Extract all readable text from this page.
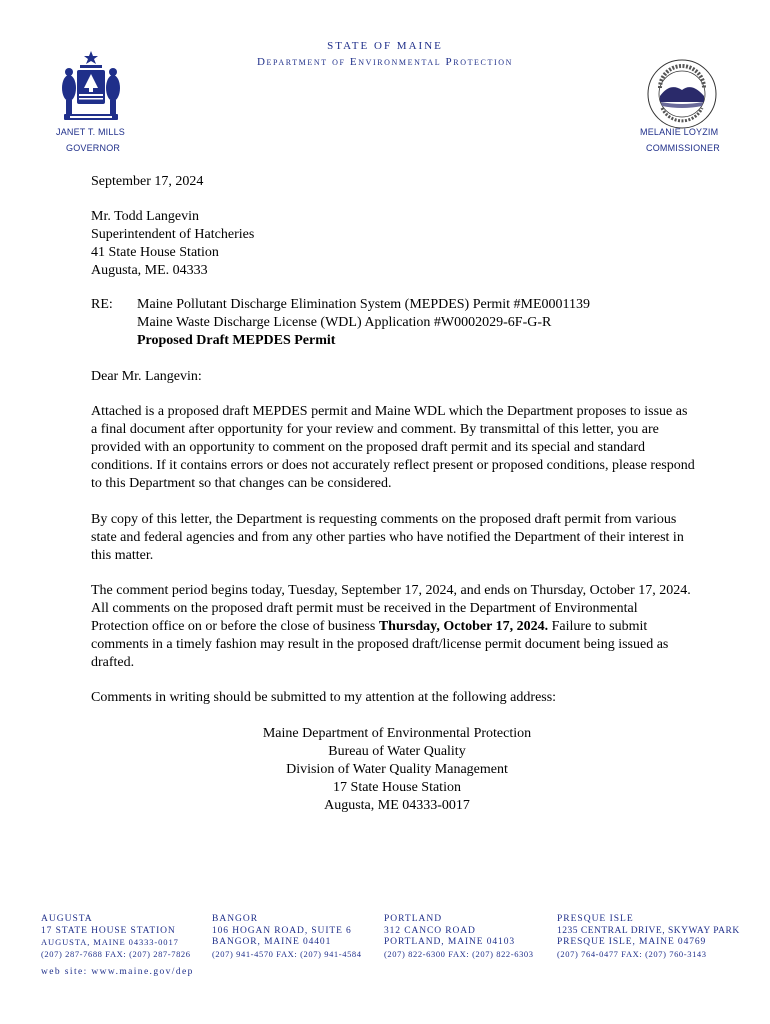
STATE OF MAINE
Department of Environmental Protection
JANET T. MILLS
GOVERNOR
MELANIE LOYZIM
COMMISSIONER
September 17, 2024

Mr. Todd Langevin

Superintendent of Hatcheries

41 State House Station

Augusta, ME. 04333

RE: Maine Pollutant Discharge Elimination System (MEPDES) Permit #ME0001139

Maine Waste Discharge License (WDL) Application #W0002029-6F-G-R

Proposed Draft MEPDES Permit

Dear Mr. Langevin:
Attached is a proposed draft MEPDES permit and Maine WDL which the Department proposes to issue as a final document after opportunity for your review and comment. By transmittal of this letter, you are provided with an opportunity to comment on the proposed draft permit and its special and standard conditions. If it contains errors or does not accurately reflect present or proposed conditions, please respond to this Department so that changes can be considered.
By copy of this letter, the Department is requesting comments on the proposed draft permit from various state and federal agencies and from any other parties who have notified the Department of their interest in this matter.
The comment period begins today, Tuesday, September 17, 2024, and ends on Thursday, October 17, 2024. All comments on the proposed draft permit must be received in the Department of Environmental Protection office on or before the close of business Thursday, October 17, 2024. Failure to submit comments in a timely fashion may result in the proposed draft/license permit document being issued as drafted.
Comments in writing should be submitted to my attention at the following address:
Maine Department of Environmental Protection
Bureau of Water Quality
Division of Water Quality Management
17 State House Station
Augusta, ME 04333-0017
AUGUSTA
17 STATE HOUSE STATION
AUGUSTA, MAINE 04333-0017
(207) 287-7688 FAX: (207) 287-7826
BANGOR
106 HOGAN ROAD, SUITE 6
BANGOR, MAINE 04401
(207) 941-4570 FAX: (207) 941-4584
PORTLAND
312 CANCO ROAD
PORTLAND, MAINE 04103
(207) 822-6300 FAX: (207) 822-6303
PRESQUE ISLE
1235 CENTRAL DRIVE, SKYWAY PARK
PRESQUE ISLE, MAINE 04769
(207) 764-0477 FAX: (207) 760-3143
web site: www.maine.gov/dep
